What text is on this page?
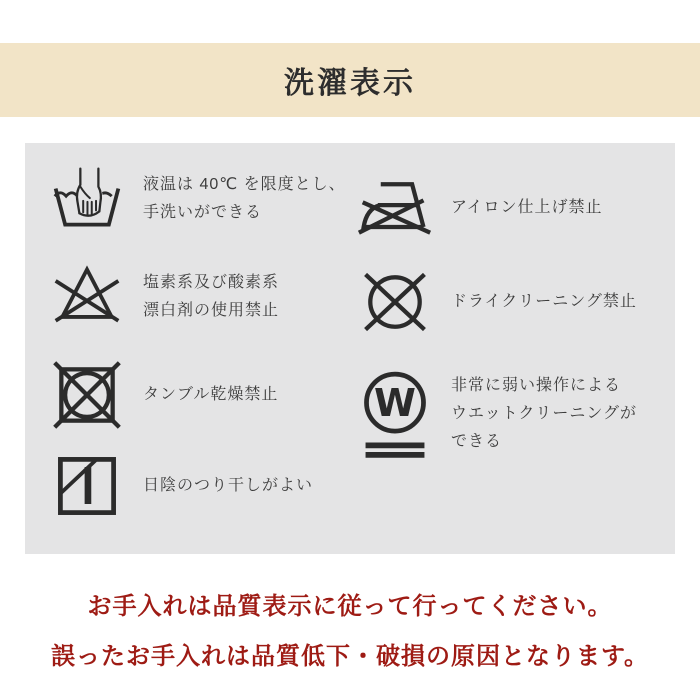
洗濯表示
液温は 40℃ を限度とし、
手洗いができる
塩素系及び酸素系
漂白剤の使用禁止
タンブル乾燥禁止
日陰のつり干しがよい
アイロン仕上げ禁止
ドライクリーニング禁止
W 非常に弱い操作による
ウエットクリーニングが
できる
お手入れは品質表示に従って行ってください。
誤ったお手入れは品質低下・破損の原因となります。
